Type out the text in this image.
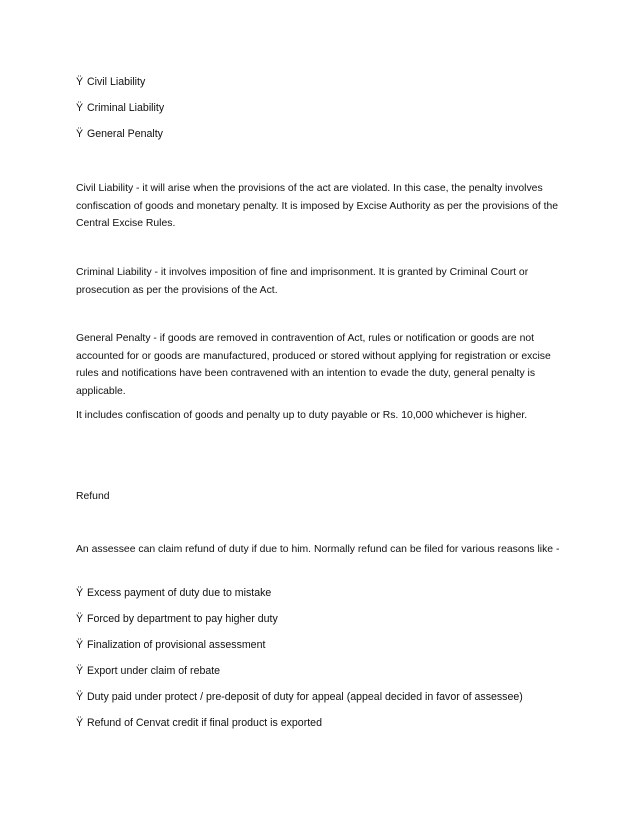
Ÿ Civil Liability
Ÿ Criminal Liability
Ÿ General Penalty

Civil Liability - it will arise when the provisions of the act are violated. In this case, the penalty involves confiscation of goods and monetary penalty. It is imposed by Excise Authority as per the provisions of the Central Excise Rules.

Criminal Liability - it involves imposition of fine and imprisonment. It is granted by Criminal Court or prosecution as per the provisions of the Act.

General Penalty - if goods are removed in contravention of Act, rules or notification or goods are not accounted for or goods are manufactured, produced or stored without applying for registration or excise rules and notifications have been contravened with an intention to evade the duty, general penalty is applicable.

It includes confiscation of goods and penalty up to duty payable or Rs. 10,000 whichever is higher.

Refund

An assessee can claim refund of duty if due to him. Normally refund can be filed for various reasons like -

Ÿ Excess payment of duty due to mistake
Ÿ Forced by department to pay higher duty
Ÿ Finalization of provisional assessment
Ÿ Export under claim of rebate
Ÿ Duty paid under protect / pre-deposit of duty for appeal (appeal decided in favor of assessee)
Ÿ Refund of Cenvat credit if final product is exported
